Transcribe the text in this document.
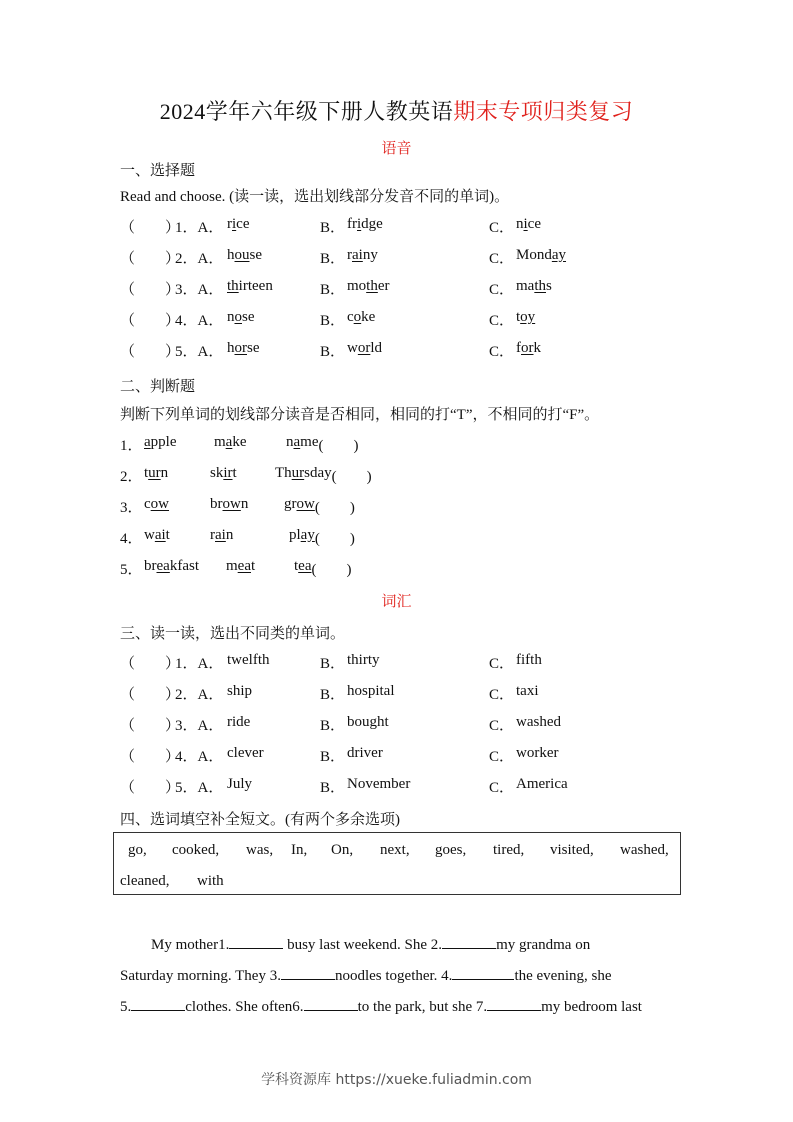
2024学年六年级下册人教英语期末专项归类复习
语音
一、选择题
Read and choose. (读一读，选出划线部分发音不同的单词)。
（　　）
1．A． rice	B． fridge	C． nice
（　　）
2．A． house	B． rainy	C． Monday
（　　）
3．A． thirteen	B． mother	C． maths
（　　）
4．A． nose	B． coke	C． toy
（　　）
5．A． horse	B． world	C． fork
二、判断题
判断下列单词的划线部分读音是否相同，相同的打“T”，不相同的打“F”。
1． apple	make	name (　　)
2． turn	skirt	Thursday (　　)
3． cow	brown grow (　　)
4． wait	rain	play (　　)
5． breakfast meat	tea (　　)
词汇
三、读一读，选出不同类的单词。
（　　）
1．A． twelfth	B． thirty	C． fifth
（　　）
2．A． ship	B． hospital	C． taxi
（　　）
3．A． ride	B． bought	C． washed
（　　）
4．A． clever	B． driver	C． worker
（　　）
5．A． July	B． November	C． America
四、选词填空补全短文。(有两个多余选项)
go, cooked, was, In, On, next, goes, tired, visited, washed,
cleaned, with
My mother1.	busy last weekend. She 2.	my grandma on
Saturday morning. They 3.	noodles together. 4.	the evening, she
5.	clothes. She often6.	to the park, but she 7.	my bedroom last
学科资源库 https://xueke.fuliadmin.com
